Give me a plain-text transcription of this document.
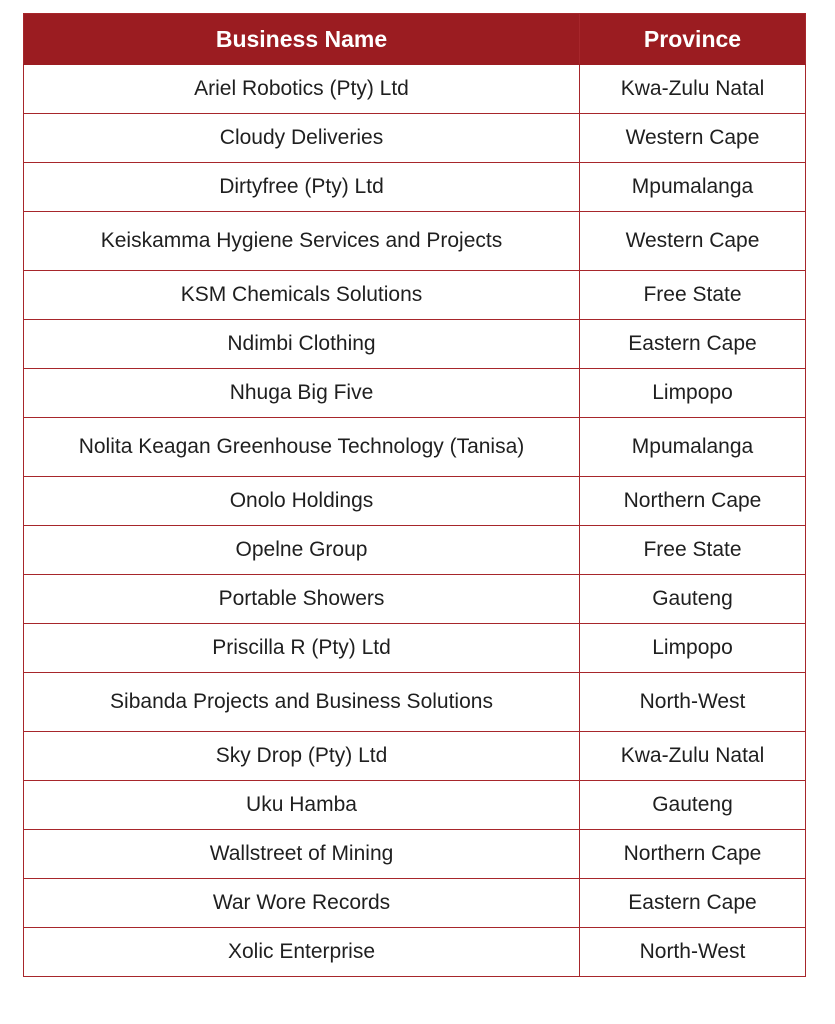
Business Name	Province
Ariel Robotics (Pty) Ltd	Kwa-Zulu Natal
Cloudy Deliveries	Western Cape
Dirtyfree (Pty) Ltd	Mpumalanga
Keiskamma Hygiene Services and Projects	Western Cape
KSM Chemicals Solutions	Free State
Ndimbi Clothing	Eastern Cape
Nhuga Big Five	Limpopo
Nolita Keagan Greenhouse Technology (Tanisa)	Mpumalanga
Onolo Holdings	Northern Cape
Opelne Group	Free State
Portable Showers	Gauteng
Priscilla R (Pty) Ltd	Limpopo
Sibanda Projects and Business Solutions	North-West
Sky Drop (Pty) Ltd	Kwa-Zulu Natal
Uku Hamba	Gauteng
Wallstreet of Mining	Northern Cape
War Wore Records	Eastern Cape
Xolic Enterprise	North-West
